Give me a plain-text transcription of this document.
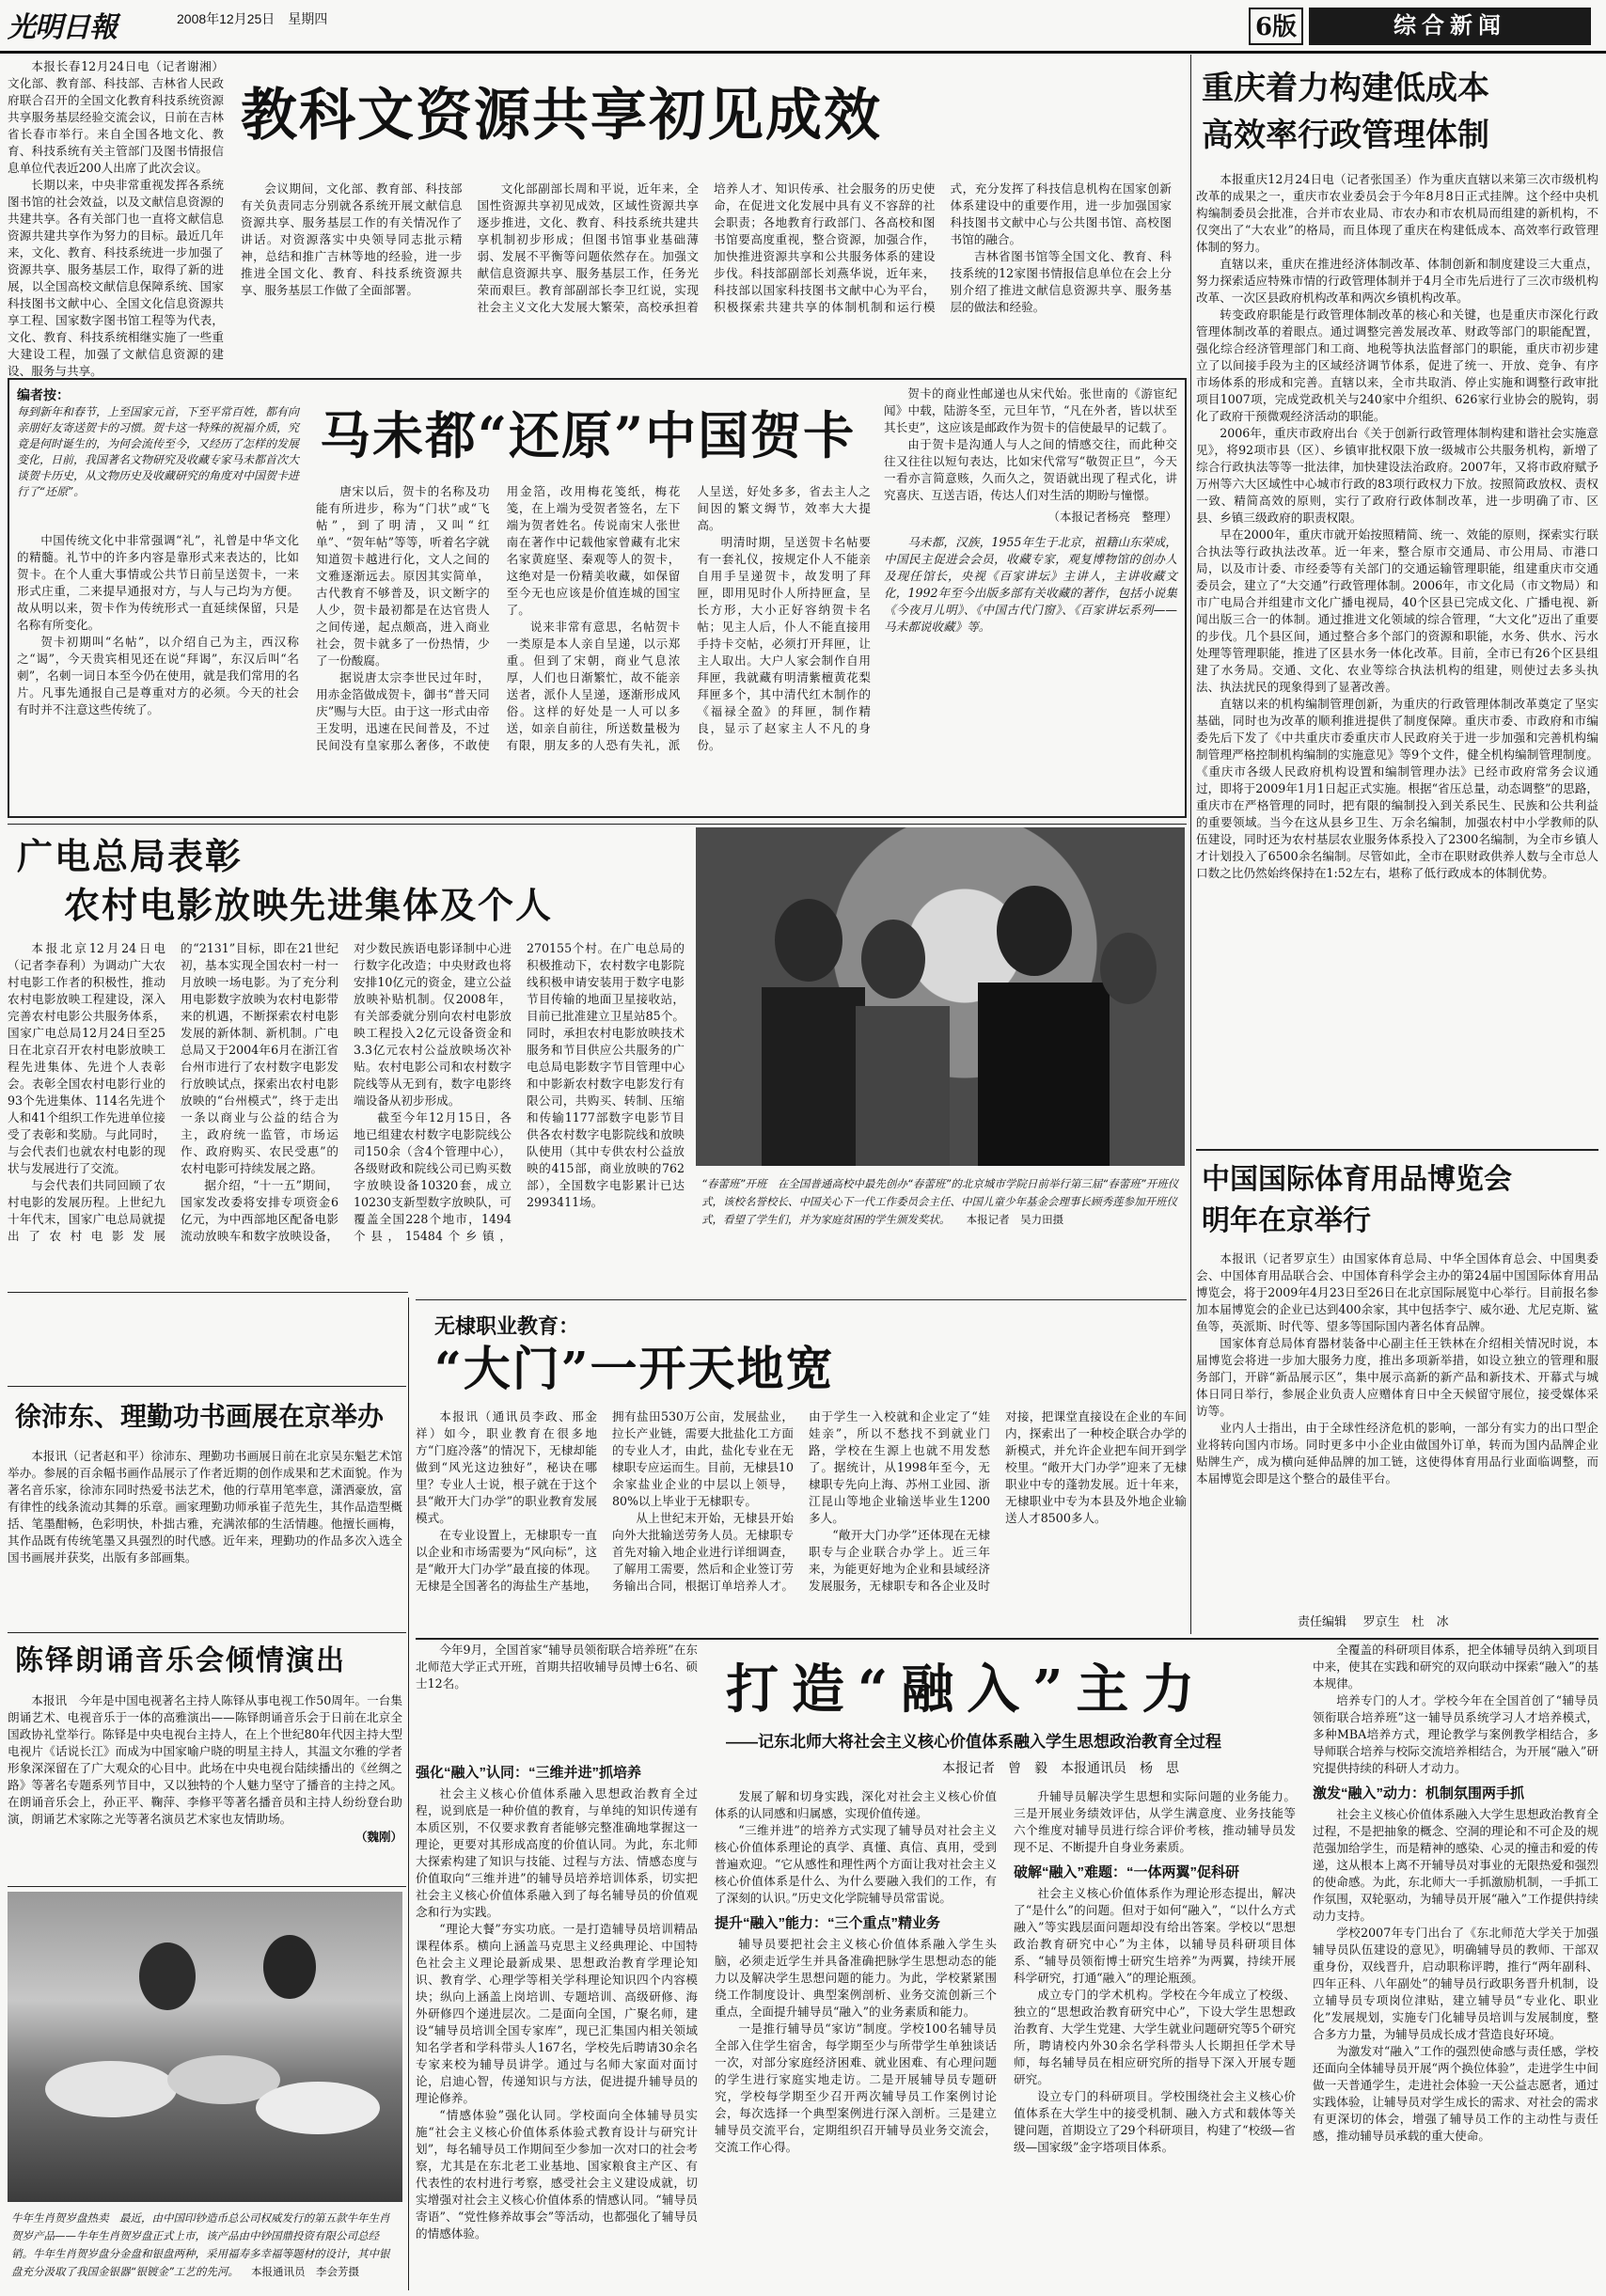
光明日報	2008年12月25日　星期四	6版	综合新闻
教科文资源共享初见成效

本报长春12月24日电（记者谢湘）文化部、教育部、科技部、吉林省人民政府联合召开的全国文化教育科技系统资源共享服务基层经验交流会议，日前在吉林省长春市举行。来自全国各地文化、教育、科技系统有关主管部门及图书情报信息单位代表近200人出席了此次会议。

长期以来，中央非常重视发挥各系统图书馆的社会效益，以及文献信息资源的共建共享。各有关部门也一直将文献信息资源共建共享作为努力的目标。最近几年来，文化、教育、科技系统进一步加强了资源共享、服务基层工作，取得了新的进展，以全国高校文献信息保障系统、国家科技图书文献中心、全国文化信息资源共享工程、国家数字图书馆工程等为代表，文化、教育、科技系统相继实施了一些重大建设工程，加强了文献信息资源的建设、服务与共享。

会议期间，文化部、教育部、科技部有关负责同志分别就各系统开展文献信息资源共享、服务基层工作的有关情况作了讲话。对资源落实中央领导同志批示精神，总结和推广吉林等地的经验，进一步推进全国文化、教育、科技系统资源共享、服务基层工作做了全面部署。

文化部副部长周和平说，近年来，全国性资源共享初见成效，区域性资源共享逐步推进，文化、教育、科技系统共建共享机制初步形成；但图书馆事业基础薄弱、发展不平衡等问题依然存在。加强文献信息资源共享、服务基层工作，任务光荣而艰巨。教育部副部长李卫红说，实现社会主义文化大发展大繁荣，高校承担着培养人才、知识传承、社会服务的历史使命，在促进文化发展中具有义不容辞的社会职责；各地教育行政部门、各高校和图书馆要高度重视，整合资源，加强合作，加快推进资源共享和公共服务体系的建设步伐。科技部副部长刘燕华说，近年来，科技部以国家科技图书文献中心为平台，积极探索共建共享的体制机制和运行模式，充分发挥了科技信息机构在国家创新体系建设中的重要作用，进一步加强国家科技图书文献中心与公共图书馆、高校图书馆的融合。

吉林省图书馆等全国文化、教育、科技系统的12家图书情报信息单位在会上分别介绍了推进文献信息资源共享、服务基层的做法和经验。

编者按：

每到新年和春节，上至国家元首，下至平常百姓，都有向亲朋好友寄送贺卡的习惯。贺卡这一特殊的祝福介质，究竟是何时诞生的，为何会流传至今，又经历了怎样的发展变化，日前，我国著名文物研究及收藏专家马未都首次大谈贺卡历史，从文物历史及收藏研究的角度对中国贺卡进行了“还原”。

马未都“还原”中国贺卡

中国传统文化中非常强调“礼”，礼曾是中华文化的精髓。礼节中的许多内容是靠形式来表达的，比如贺卡。在个人重大事情或公共节日前呈送贺卡，一来形式庄重，二来提早通报对方，与人与己均为方便。故从明以来，贺卡作为传统形式一直延续保留，只是名称有所变化。

贺卡初期叫“名帖”，以介绍自己为主，西汉称之“谒”，今天贵宾相见还在说“拜谒”，东汉后叫“名刺”，名刺一词日本至今仍在使用，就是我们常用的名片。凡事先通报自己是尊重对方的必须。今天的社会有时并不注意这些传统了。

唐宋以后，贺卡的名称及功能有所进步，称为“门状”或“飞帖”，到了明清，又叫“红单”、“贺年帖”等等，听着名字就知道贺卡越进行化，文人之间的文雅逐渐远去。原因其实简单，古代教育不够普及，识文断字的人少，贺卡最初都是在达官贵人之间传递，起点颇高，进入商业社会，贺卡就多了一份热情，少了一份酸腐。

据说唐太宗李世民过年时，用赤金箔做成贺卡，御书“普天同庆”赐与大臣。由于这一形式由帝王发明，迅速在民间普及，不过民间没有皇家那么奢侈，不敢使用金箔，改用梅花笺纸，梅花笺，在上端为受贺者签名，左下端为贺者姓名。传说南宋人张世南在著作中记载他家曾藏有北宋名家黄庭坚、秦观等人的贺卡，这绝对是一份精美收藏，如保留至今无也应该是价值连城的国宝了。

说来非常有意思，名帖贺卡一类原是本人亲自呈递，以示郑重。但到了宋朝，商业气息浓厚，人们也日渐繁忙，故不能亲送者，派仆人呈递，逐渐形成风俗。这样的好处是一人可以多送，如亲自前往，所送数量极为有限，朋友多的人恐有失礼，派人呈送，好处多多，省去主人之间因的繁文缛节，效率大大提高。

明清时期，呈送贺卡名帖要有一套礼仪，按规定仆人不能亲自用手呈递贺卡，故发明了拜匣，即用见时仆人所持匣盒，呈长方形，大小正好容纳贺卡名帖；见主人后，仆人不能直接用手持卡交帖，必须打开拜匣，让主人取出。大户人家会制作自用拜匣，我就藏有明清紫檀黄花梨拜匣多个，其中清代红木制作的《福禄全盈》的拜匣，制作精良，显示了赵家主人不凡的身份。

贺卡的商业性邮递也从宋代始。张世南的《游宦纪闻》中载，陆游冬至，元旦年节，“凡在外者，皆以状至其长吏”，这应该是邮政作为贺卡的信使最早的记载了。

由于贺卡是沟通人与人之间的情感交往，而此种交往又往往以短句表达，比如宋代常写“敬贺正旦”，今天一看亦言简意赅，久而久之，贺语就出现了程式化，讲究喜庆、互送吉语，传达人们对生活的期盼与憧憬。

（本报记者杨亮　整理）

马未都，汉族，1955年生于北京，祖籍山东荣成，中国民主促进会会员，收藏专家，观复博物馆的创办人及现任馆长，央视《百家讲坛》主讲人，主讲收藏文化，1992年至今出版多部有关收藏的著作，包括小说集《今夜月儿明》、《中国古代门窗》、《百家讲坛系列——马未都说收藏》等。

广电总局表彰
农村电影放映先进集体及个人

本报北京12月24日电（记者李春利）为调动广大农村电影工作者的积极性，推动农村电影放映工程建设，深入完善农村电影公共服务体系，国家广电总局12月24日至25日在北京召开农村电影放映工程先进集体、先进个人表彰会。表彰全国农村电影行业的93个先进集体、114名先进个人和41个组织工作先进单位接受了表彰和奖励。与此同时，与会代表们也就农村电影的现状与发展进行了交流。

与会代表们共同回顾了农村电影的发展历程。上世纪九十年代末，国家广电总局就提出了农村电影发展的“2131”目标，即在21世纪初，基本实现全国农村一村一月放映一场电影。为了充分利用电影数字放映为农村电影带来的机遇，不断探索农村电影发展的新体制、新机制。广电总局又于2004年6月在浙江省台州市进行了农村数字电影发行放映试点，探索出农村电影放映的“台州模式”，终于走出一条以商业与公益的结合为主，政府统一监管，市场运作、政府购买、农民受惠”的农村电影可持续发展之路。

据介绍，“十一五”期间，国家发改委将安排专项资金6亿元，为中西部地区配备电影流动放映车和数字放映设备，对少数民族语电影译制中心进行数字化改造；中央财政也将安排10亿元的资金，建立公益放映补贴机制。仅2008年，有关部委就分别向农村电影放映工程投入2亿元设备资金和3.3亿元农村公益放映场次补贴。农村电影公司和农村数字院线等从无到有，数字电影终端设备从初步形成。

截至今年12月15日，各地已组建农村数字电影院线公司150余（含4个管理中心），各级财政和院线公司已购买数字放映设备10320套，成立10230支新型数字放映队，可覆盖全国228个地市，1494个县，15484个乡镇，270155个村。在广电总局的积极推动下，农村数字电影院线积极申请安装用于数字电影节目传输的地面卫星接收站，目前已批准建立卫星站85个。同时，承担农村电影放映技术服务和节目供应公共服务的广电总局电影数字节目管理中心和中影新农村数字电影发行有限公司，共购买、转制、压缩和传输1177部数字电影节目供各农村数字电影院线和放映队使用（其中专供农村公益放映的415部，商业放映的762部），全国数字电影累计已达2993411场。

“春蕾班”开班　在全国普通高校中最先创办“春蕾班”的北京城市学院日前举行第三届“春蕾班”开班仪式，该校名誉校长、中国关心下一代工作委员会主任、中国儿童少年基金会理事长顾秀莲参加开班仪式，看望了学生们，并为家庭贫困的学生颁发奖状。 本报记者　吴力田摄
无棣职业教育：
“大门”一开天地宽

本报讯（通讯员李政、邢金祥）如今，职业教育在很多地方“门庭冷落”的情况下，无棣却能做到“风光这边独好”，秘诀在哪里？专业人士说，根子就在于这个县“敞开大门办学”的职业教育发展模式。

在专业设置上，无棣职专一直以企业和市场需要为“风向标”，这是“敞开大门办学”最直接的体现。无棣是全国著名的海盐生产基地，拥有盐田530万公亩，发展盐业，拉长产业链，需要大批盐化工方面的专业人才，由此，盐化专业在无棣职专应运而生。目前，无棣县10余家盐业企业的中层以上领导，80%以上毕业于无棣职专。

从上世纪末开始，无棣县开始向外大批输送劳务人员。无棣职专首先对输入地企业进行详细调查，了解用工需要，然后和企业签订劳务输出合同，根据订单培养人才。由于学生一入校就和企业定了“娃娃亲”，所以不愁找不到就业门路，学校在生源上也就不用发愁了。据统计，从1998年至今，无棣职专先向上海、苏州工业园、浙江昆山等地企业输送毕业生1200多人。

“敞开大门办学”还体现在无棣职专与企业联合办学上。近三年来，为能更好地为企业和县域经济发展服务，无棣职专和各企业及时对接，把课堂直接设在企业的车间内，探索出了一种校企联合办学的新模式，并允许企业把车间开到学校里。“敞开大门办学”迎来了无棣职业中专的蓬勃发展。近十年来，无棣职业中专为本县及外地企业输送人才8500多人。

徐沛东、理勤功书画展在京举办

本报讯（记者赵和平）徐沛东、理勤功书画展日前在北京吴东魁艺术馆举办。参展的百余幅书画作品展示了作者近期的创作成果和艺术面貌。作为著名音乐家，徐沛东同时热爱书法艺术，他的行草用笔率意，潇洒豪放，富有律性的线条流动其舞的乐章。画家理勤功师承崔子范先生，其作品造型概括、笔墨酣畅，色彩明快，朴拙古雅，充满浓郁的生活情趣。他擅长画梅，其作品既有传统笔墨又具强烈的时代感。近年来，理勤功的作品多次入选全国书画展并获奖，出版有多部画集。

陈铎朗诵音乐会倾情演出

本报讯　今年是中国电视著名主持人陈铎从事电视工作50周年。一台集朗诵艺术、电视音乐于一体的高雅演出——陈铎朗诵音乐会于日前在北京全国政协礼堂举行。陈铎是中央电视台主持人，在上个世纪80年代因主持大型电视片《话说长江》而成为中国家喻户晓的明星主持人，其温文尔雅的学者形象深深留在了广大观众的心目中。此场在中央电视台陆续播出的《丝绸之路》等著名专题系列节目中，又以独特的个人魅力坚守了播音的主持之风。在朗诵音乐会上，孙正平、鞠萍、李修平等著名播音员和主持人纷纷登台助演，朗诵艺术家陈之光等著名演员艺术家也友情助场。

（魏刚）
牛年生肖贺岁盘热卖　最近，由中国印钞造币总公司权威发行的第五款牛年生肖贺岁产品——牛年生肖贺岁盘正式上市，该产品由中钞国鼎投资有限公司总经销。牛年生肖贺岁盘分金盘和银盘两种，采用福寿多幸福等题材的设计，其中银盘充分汲取了我国金银器“银镀金”工艺的先河。 本报通讯员　李会芳摄

今年9月，全国首家“辅导员领衔联合培养班”在东北师范大学正式开班，首期共招收辅导员博士6名、硕士12名。	打造“融入”主力
——记东北师大将社会主义核心价值体系融入学生思想政治教育全过程
本报记者　曾　毅　本报通讯员　杨　思
强化“融入”认同：“三维并进”抓培养

社会主义核心价值体系融入思想政治教育全过程，说到底是一种价值的教育，与单纯的知识传递有本质区别，不仅要求教育者能够完整准确地掌握这一理论，更要对其形成高度的价值认同。为此，东北师大探索构建了知识与技能、过程与方法、情感态度与价值取向“三维并进”的辅导员培养培训体系，切实把社会主义核心价值体系融入到了每名辅导员的价值观念和行为实践。

“理论大餐”夯实功底。一是打造辅导员培训精品课程体系。横向上涵盖马克思主义经典理论、中国特色社会主义理论最新成果、思想政治教育学理论知识、教育学、心理学等相关学科理论知识四个内容模块；纵向上涵盖上岗培训、专题培训、高级研修、海外研修四个递进层次。二是面向全国，广聚名师，建设“辅导员培训全国专家库”，现已汇集国内相关领域知名学者和学科带头人167名，学校先后聘请30余名专家来校为辅导员讲学。通过与名师大家面对面讨论，启迪心智，传递知识与方法，促进提升辅导员的理论修养。

“情感体验”强化认同。学校面向全体辅导员实施“社会主义核心价值体系体验式教育设计与研究计划”，每名辅导员工作期间至少参加一次对口的社会考察，尤其是在东北老工业基地、国家粮食主产区、有代表性的农村进行考察，感受社会主义建设成就，切实增强对社会主义核心价值体系的情感认同。“辅导员寄语”、“党性修养故事会”等活动，也都强化了辅导员的情感体验。

发展了解和切身实践，深化对社会主义核心价值体系的认同感和归属感，实现价值传递。

“三维并进”的培养方式实现了辅导员对社会主义核心价值体系理论的真学、真懂、真信、真用，受到普遍欢迎。“它从感性和理性两个方面让我对社会主义核心价值体系是什么、为什么要融入我们的工作，有了深刻的认识。”历史文化学院辅导员常雷说。

提升“融入”能力：“三个重点”精业务

辅导员要把社会主义核心价值体系融入学生头脑，必须走近学生并具备准确把脉学生思想动态的能力以及解决学生思想问题的能力。为此，学校紧紧围绕工作制度设计、典型案例剖析、业务交流创新三个重点，全面提升辅导员“融入”的业务素质和能力。

一是推行辅导员“家访”制度。学校100名辅导员全部入住学生宿舍，每学期至少与所带学生单独谈话一次，对部分家庭经济困难、就业困难、有心理问题的学生进行家庭实地走访。二是开展辅导员专题研究，学校每学期至少召开两次辅导员工作案例讨论会，每次选择一个典型案例进行深入剖析。三是建立辅导员交流平台，定期组织召开辅导员业务交流会，交流工作心得。

升辅导员解决学生思想和实际问题的业务能力。三是开展业务绩效评估，从学生满意度、业务技能等六个维度对辅导员进行综合评价考核，推动辅导员发现不足、不断提升自身业务素质。

破解“融入”难题：“一体两翼”促科研

社会主义核心价值体系作为理论形态提出，解决了“是什么”的问题。但对于如何“融入”，“以什么方式融入”等实践层面问题却没有给出答案。学校以“思想政治教育研究中心”为主体，以辅导员科研项目体系、“辅导员领衔博士研究生培养”为两翼，持续开展科学研究，打通“融入”的理论瓶颈。

成立专门的学术机构。学校在今年成立了校级、独立的“思想政治教育研究中心”，下设大学生思想政治教育、大学生党建、大学生就业问题研究等5个研究所，聘请校内外30余名学科带头人长期担任学术导师，每名辅导员在相应研究所的指导下深入开展专题研究。

设立专门的科研项目。学校围绕社会主义核心价值体系在大学生中的接受机制、融入方式和载体等关键问题，首期设立了29个科研项目，构建了“校级—省级—国家级”金字塔项目体系。

全覆盖的科研项目体系，把全体辅导员纳入到项目中来，使其在实践和研究的双向联动中探索“融入”的基本规律。

培养专门的人才。学校今年在全国首创了“辅导员领衔联合培养班”这一辅导员系统学习人才培养模式，多种MBA培养方式，理论教学与案例教学相结合，多导师联合培养与校际交流培养相结合，为开展“融入”研究提供持续的科研人才动力。

激发“融入”动力：机制氛围两手抓

社会主义核心价值体系融入大学生思想政治教育全过程，不是把抽象的概念、空洞的理论和不可企及的规范强加给学生，而是精神的感染、心灵的撞击和爱的传递，这从根本上离不开辅导员对事业的无限热爱和强烈的使命感。为此，东北师大一手抓激励机制，一手抓工作氛围，双轮驱动，为辅导员开展“融入”工作提供持续动力支持。

学校2007年专门出台了《东北师范大学关于加强辅导员队伍建设的意见》，明确辅导员的教师、干部双重身份，双线晋升，启动职称评聘，推行“两年副科、四年正科、八年副处”的辅导员行政职务晋升机制，设立辅导员专项岗位津贴，建立辅导员“专业化、职业化”发展规划，实施专门化辅导员培训与发展制度，整合多方力量，为辅导员成长成才营造良好环境。

为激发对“融入”工作的强烈使命感与责任感，学校还面向全体辅导员开展“两个换位体验”，走进学生中间做一天普通学生，走进社会体验一天公益志愿者，通过实践体验，让辅导员对学生成长的需求、对社会的需求有更深切的体会，增强了辅导员工作的主动性与责任感，推动辅导员承载的重大使命。

重庆着力构建低成本
高效率行政管理体制

本报重庆12月24日电（记者张国圣）作为重庆直辖以来第三次市级机构改革的成果之一，重庆市农业委员会于今年8月8日正式挂牌。这个经中央机构编制委员会批准，合并市农业局、市农办和市农机局而组建的新机构，不仅突出了“大农业”的格局，而且体现了重庆在构建低成本、高效率行政管理体制的努力。

直辖以来，重庆在推进经济体制改革、体制创新和制度建设三大重点，努力探索适应特殊市情的行政管理体制并于4月全市先后进行了三次市级机构改革、一次区县政府机构改革和两次乡镇机构改革。

转变政府职能是行政管理体制改革的核心和关键，也是重庆市深化行政管理体制改革的着眼点。通过调整完善发展改革、财政等部门的职能配置，强化综合经济管理部门和工商、地税等执法监督部门的职能，重庆市初步建立了以间接手段为主的区域经济调节体系，促进了统一、开放、竞争、有序市场体系的形成和完善。直辖以来，全市共取消、停止实施和调整行政审批项目1007项，完成党政机关与240家中介组织、626家行业协会的脱钩，弱化了政府干预微观经济活动的职能。

2006年，重庆市政府出台《关于创新行政管理体制构建和谐社会实施意见》，将92项市县（区）、乡镇审批权限下放一级城市公共服务机构，新增了综合行政执法等等一批法律，加快建设法治政府。2007年，又将市政府赋予万州等六大区域性中心城市行政的83项行政权力下放。按照简政放权、责权一致、精简高效的原则，实行了政府行政体制改革，进一步明确了市、区县、乡镇三级政府的职责权限。

早在2000年，重庆市就开始按照精简、统一、效能的原则，探索实行联合执法等行政执法改革。近一年来，整合原市交通局、市公用局、市港口局，以及市计委、市经委等有关部门的交通运输管理职能，组建重庆市交通委员会，建立了“大交通”行政管理体制。2006年，市文化局（市文物局）和市广电局合并组建市文化广播电视局，40个区县已完成文化、广播电视、新闻出版三合一的体制。通过推进文化领域的综合管理，“大文化”迈出了重要的步伐。几个县区间，通过整合多个部门的资源和职能，水务、供水、污水处理等管理职能，推进了区县水务一体化改革。目前，全市已有26个区县组建了水务局。交通、文化、农业等综合执法机构的组建，则使过去多头执法、执法扰民的现象得到了显著改善。

直辖以来的机构编制管理创新，为重庆的行政管理体制改革奠定了坚实基础，同时也为改革的顺利推进提供了制度保障。重庆市委、市政府和市编委先后下发了《中共重庆市委重庆市人民政府关于进一步加强和完善机构编制管理严格控制机构编制的实施意见》等9个文件，健全机构编制管理制度。《重庆市各级人民政府机构设置和编制管理办法》已经市政府常务会议通过，即将于2009年1月1日起正式实施。根据“省压总量，动态调整”的思路，重庆市在严格管理的同时，把有限的编制投入到关系民生、民族和公共利益的重要领域。当今在这从县乡卫生、万余名编制，加强农村中小学教师的队伍建设，同时还为农村基层农业服务体系投入了2300名编制，为全市乡镇人才计划投入了6500余名编制。尽管如此，全市在职财政供养人数与全市总人口数之比仍然始终保持在1:52左右，堪称了低行政成本的体制优势。

中国国际体育用品博览会
明年在京举行

本报讯（记者罗京生）由国家体育总局、中华全国体育总会、中国奥委会、中国体育用品联合会、中国体育科学会主办的第24届中国国际体育用品博览会，将于2009年4月23日至26日在北京国际展览中心举行。目前报名参加本届博览会的企业已达到400余家，其中包括李宁、威尔逊、尤尼克斯、鲨鱼等，英派斯、时代等、望多等国际国内著名体育品牌。

国家体育总局体育器材装备中心副主任王铁林在介绍相关情况时说，本届博览会将进一步加大服务力度，推出多项新举措，如设立独立的管理和服务部门，开辟“新品展示区”，集中展示高新的新产品和新技术、开幕式与城体日同日举行，参展企业负责人应赠体育日中全天候留守展位，接受媒体采访等。

业内人士指出，由于全球性经济危机的影响，一部分有实力的出口型企业将转向国内市场。同时更多中小企业由做国外订单，转而为国内品牌企业贴牌生产，成为横向延伸品牌的加工链，这使得体育用品行业面临调整，而本届博览会即是这个整合的最佳平台。

责任编辑 罗京生　杜　冰
